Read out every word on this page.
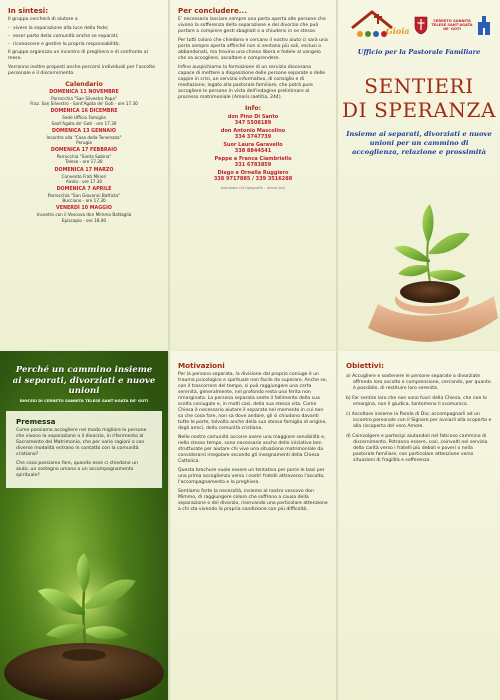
In sintesi:

Il gruppo cercherà di aiutare a

- vivere la separazione alla luce della fede;
- esser parte della comunità anche se separati;
- riconoscere e gestire la propria responsabilità;

Il gruppo organizza un incontro di preghiera e di confronto al mese.

Verranno inoltre proposti anche percorsi individuali per l'ascolto personale e il discernimento.

Calendario
DOMENICA 11 NOVEMBRE
Parrocchia "San Silvestro Papa"
Fraz. San Silvestro - Sant'Agata de' Goti - ore 17.30
DOMENICA 16 DICEMBRE
Sede Ufficio Famiglia
Sant'Agata de' Goti - ore 17.30
DOMENICA 13 GENNAIO
Incontro alla "Casa della Tenerezza"
Perugia
DOMENICA 17 FEBBRAIO
Parrocchia "Santa Sabina"
Telese - ore 17.30
DOMENICA 17 MARZO
Convento Frati Minori
Airola - ore 17.30
DOMENICA 7 APRILE
Parrocchia "San Giovanni Battista"
Bucciano - ore 17.30
VENERDÌ 10 MAGGIO
Incontro con il Vescovo don Mimmo Battaglia
Episcopio - ore 18.00
Per concludere...

E' necessario lasciare sempre una porta aperta alle persone che vivono la sofferenza della separazione e del divorzio che può portare a compiere gesti sbagliati o a chiudersi in se stesse.

Per tutti coloro che chiedono e cercano il nostro aiuto ci sarà una porta sempre aperta affinché non si sentano più soli, esclusi o abbandonati, ma trovino una chiesa libera e fedele al vangelo che sa accogliere, ascoltare e comprendere.

Infine auspichiamo la formazione di un servizio diocesano capace di mettere a disposizione delle persone separate o delle coppie in crisi, un servizio informativo, di consiglio e di mediazione, legato alla pastorale familiare, che potrà pure accogliere le persone in vista dell'indagine preliminare al processo matrimoniale (Amoris laetitia, 244).

Info:
don Pino Di Santo
347 5508189
don Antonio Mascolino
334 3747739
Suor Laura Garavello
338 8844541
Peppe e Franca Ciambriello
331 6783859
Diego e Ornella Ruggiero
338 9717885 / 339 3516288
stampato c/o tipografia – airola (bn)
Gioia
CERRETO SANNITA TELESE SANT'AGATA DE' GOTI
Ufficio per la Pastorale Familiare
SENTIERI
DI SPERANZA
Insieme ai separati, divorziati e nuove unioni per un cammino di accoglienza, relazione e prossimità
Perché un cammino insieme ai separati, divorziati e nuove unioni
DIOCESI DI CERRETO SANNITA TELESE SANT'AGATA DE' GOTI
Premessa

Come possiamo accogliere nel modo migliore le persone che vivono la separazione o il divorzio, in riferimento al Sacramento del Matrimonio, che per varie ragioni o con diverse modalità entrano in contatto con la comunità cristiana?

Che cosa possiamo fare, quando esse ci chiedono un aiuto, un sostegno umano o un accompagnamento spirituale?

Motivazioni

Per la persona separata, la divisione dal proprio coniuge è un trauma psicologico e spirituale non facile da superare. Anche se, con il trascorrere del tempo, si può raggiungere una certa serenità, generalmente, nel profondo resta una ferita non rimarginata. La persona separata sente il fallimento della sua scelta coniugale e, in molti casi, della sua stessa vita. Come Chiesa è necessario aiutare il separato nel momento in cui non sa che cosa fare, non sa dove andare, gli si chiudono davanti tutte le porte, talvolta anche della sua stessa famiglia di origine, degli amici, della comunità cristiana.

Nelle nostre comunità occorre avere una maggiore sensibilità e, nello stesso tempo, sono necessarie anche delle iniziative ben strutturate per aiutare chi vive una situazione matrimoniale da considerarsi irregolare secondo gli insegnamenti della Chiesa Cattolica.

Questa brochure vuole essere un tentativo per porre le basi per una prima accoglienza verso i nostri fratelli attraverso l'ascolto, l'accompagnamento e la preghiera.

Sentiamo forte la necessità, insieme al nostro vescovo don Mimmo, di raggiungere coloro che soffrono a causa della separazione o del divorzio, riservando una particolare attenzione a chi sta vivendo la propria condizione con più difficoltà.

Obiettivi:
a) Accogliere e sostenere le persone separate o divorziate offrendo loro ascolto e comprensione, cercando, per quanto è possibile, di restituire loro serenità.
b) Far sentire loro che non sono fuori della Chiesa, che non lo emargina, non li giudica, tantomeno li scomunica.
c) Ascoltare insieme la Parola di Dio; accompagnarli ad un incontro personale con il Signore per avviarli alla scoperta e alla riscoperta del vero Amore.
d) Coinvolgere e partecipi aiutandoli nel faticoso cammino di discernimento. Potranno essere, così, coinvolti nel servizio della carità verso i fratelli più deboli e poveri o nella pastorale familiare, con particolare attenzione verso situazioni di fragilità e sofferenza.
